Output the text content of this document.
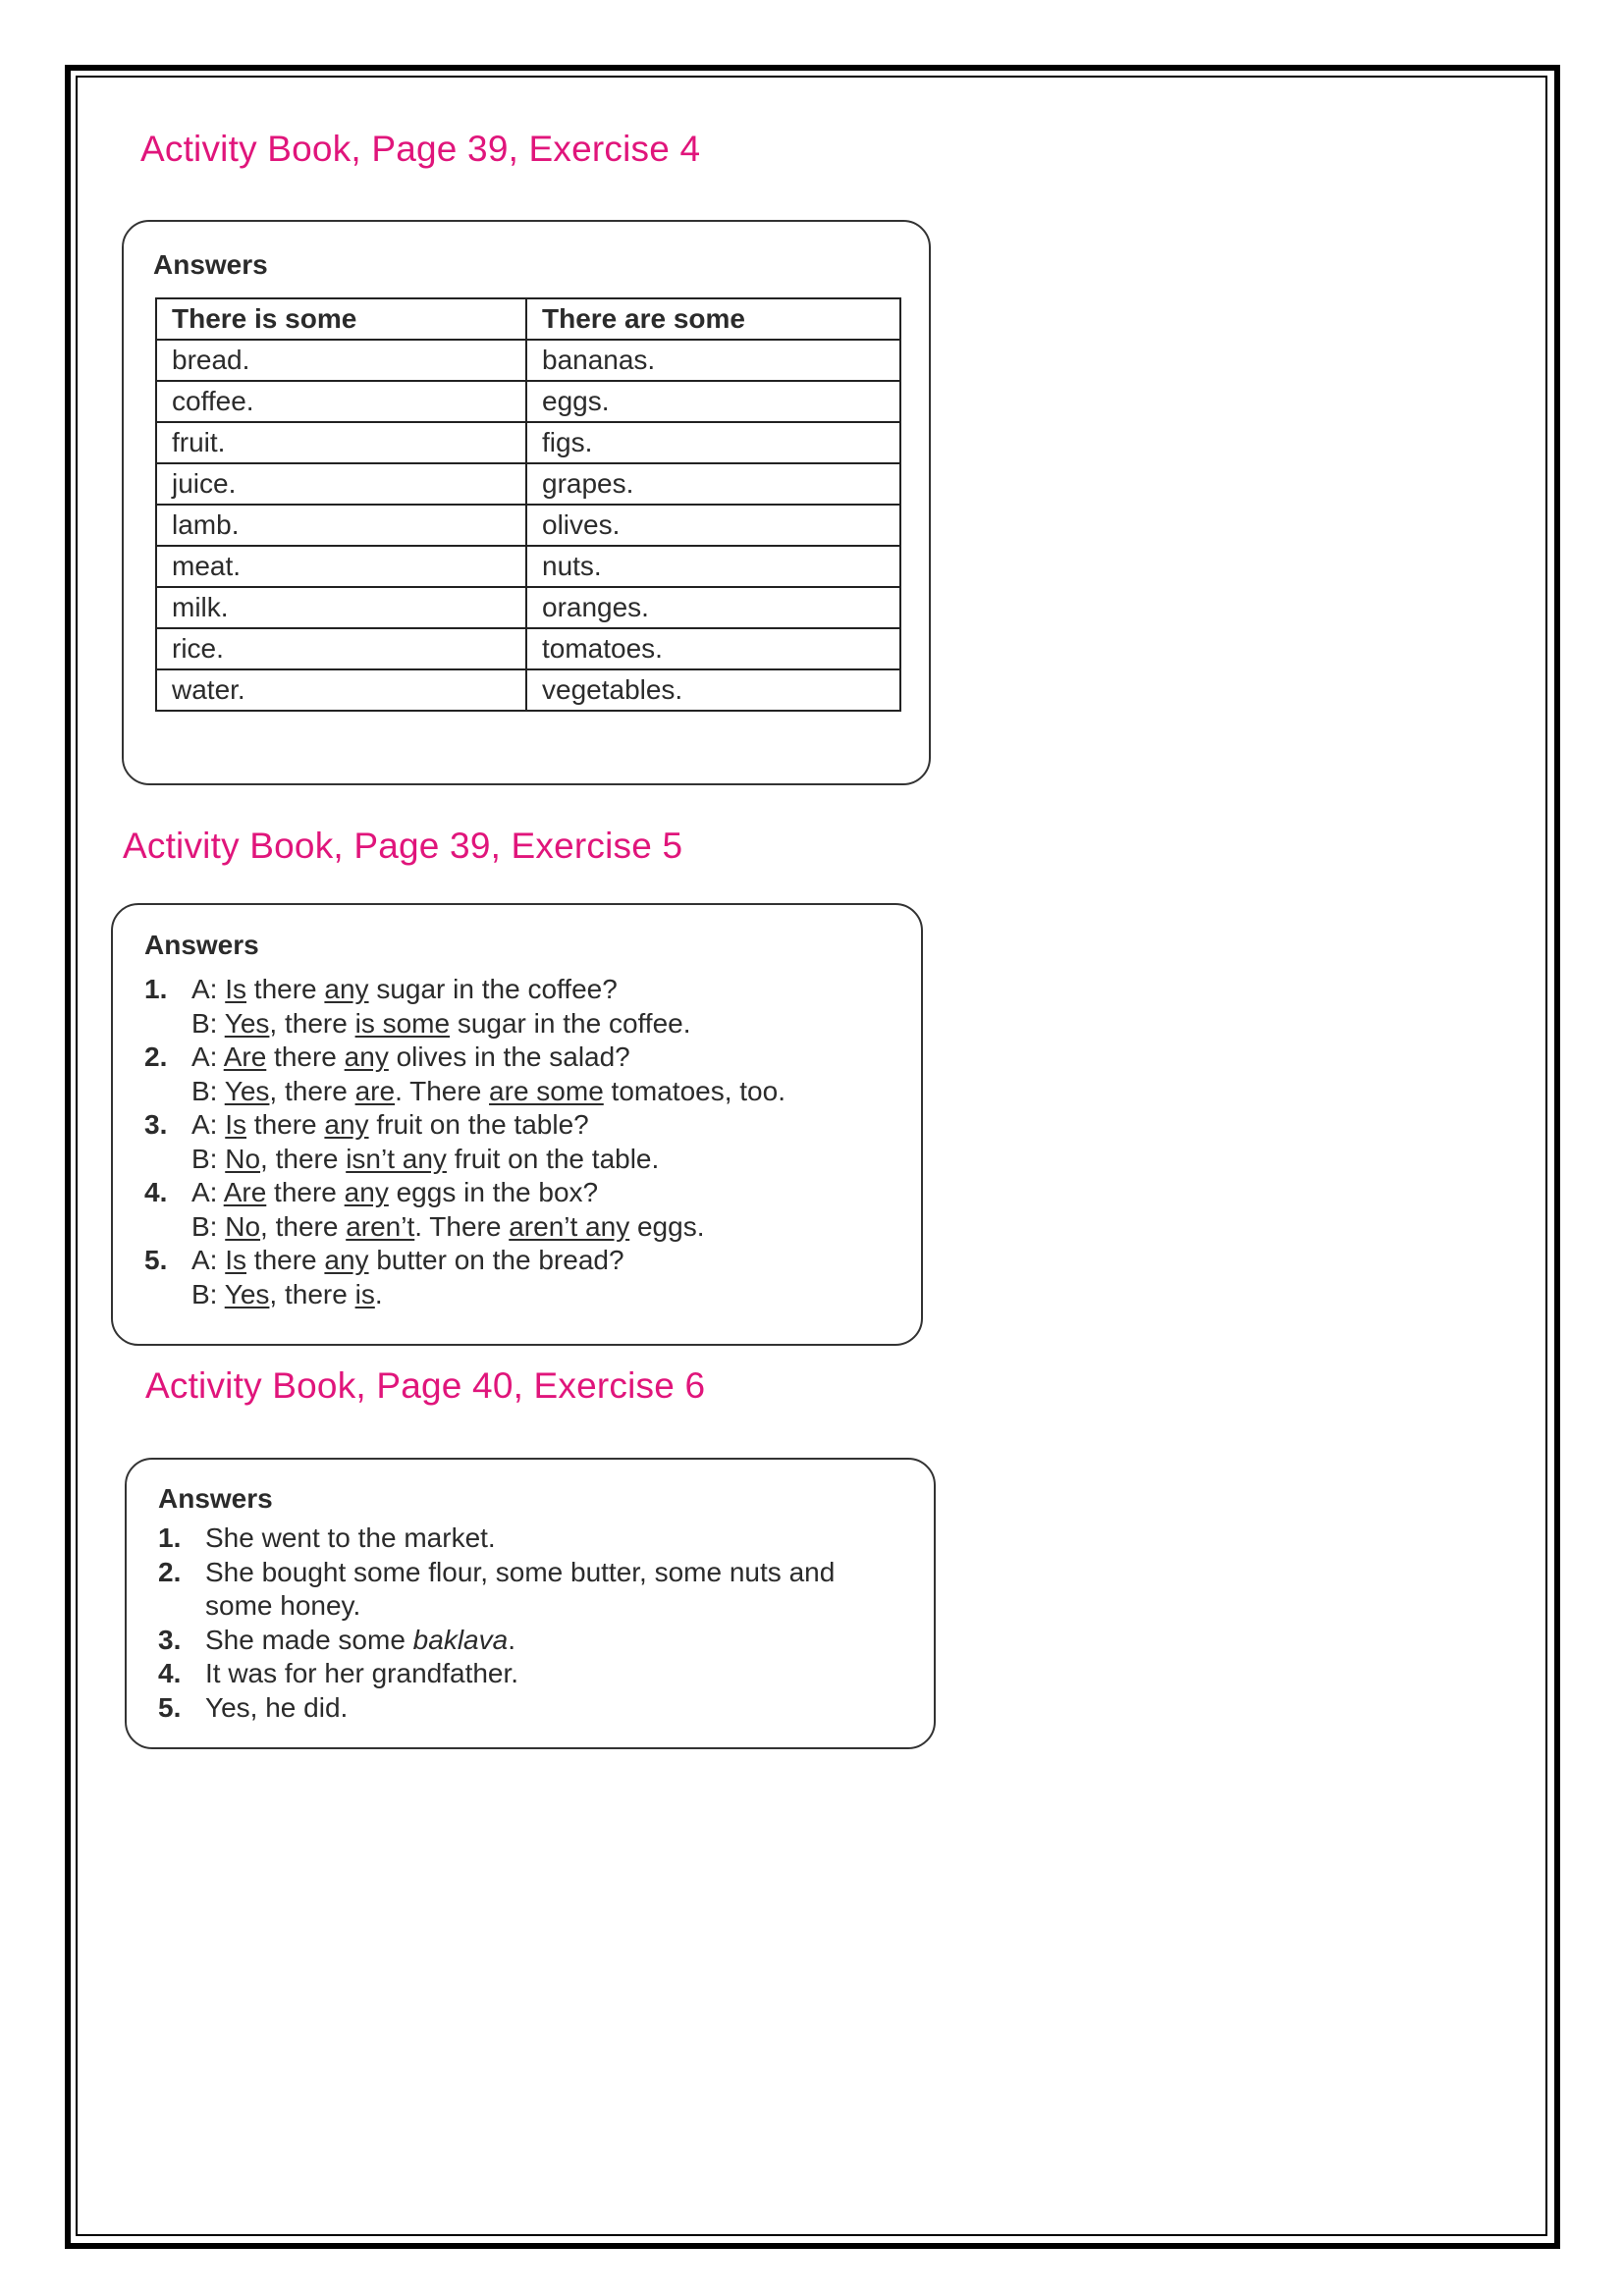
Activity Book, Page 39, Exercise 4
Answers
There is some	There are some
bread.	bananas.
coffee.	eggs.
fruit.	figs.
juice.	grapes.
lamb.	olives.
meat.	nuts.
milk.	oranges.
rice.	tomatoes.
water.	vegetables.
Activity Book, Page 39, Exercise 5
Answers
1. A: Is there any sugar in the coffee?
B: Yes, there is some sugar in the coffee.
2. A: Are there any olives in the salad?
B: Yes, there are. There are some tomatoes, too.
3. A: Is there any fruit on the table?
B: No, there isn’t any fruit on the table.
4. A: Are there any eggs in the box?
B: No, there aren’t. There aren’t any eggs.
5. A: Is there any butter on the bread?
B: Yes, there is.
Activity Book, Page 40, Exercise 6
Answers
1. She went to the market.
2. She bought some flour, some butter, some nuts and
some honey.
3. She made some baklava.
4. It was for her grandfather.
5. Yes, he did.
